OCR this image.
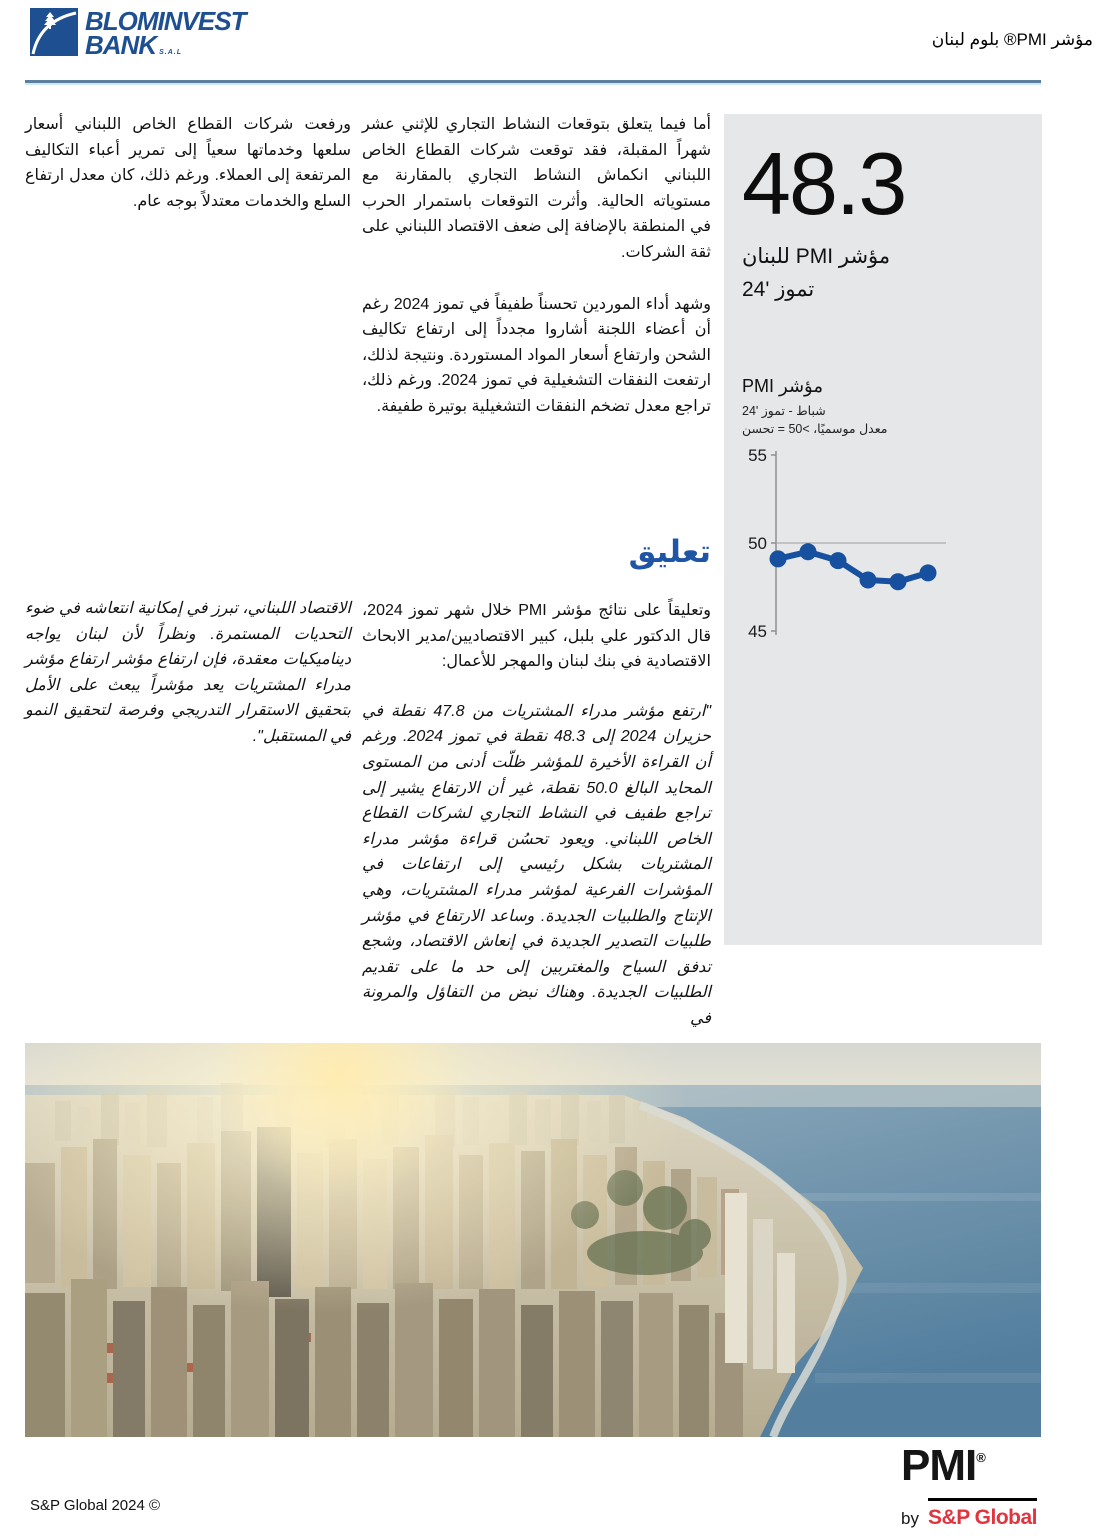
BLOMINVEST
BANK S.A.L
مؤشر PMI® بلوم لبنان

ورفعت شركات القطاع الخاص اللبناني أسعار سلعها وخدماتها سعياً إلى تمرير أعباء التكاليف المرتفعة إلى العملاء. ورغم ذلك، كان معدل ارتفاع السلع والخدمات معتدلاً بوجه عام.

أما فيما يتعلق بتوقعات النشاط التجاري للإثني عشر شهراً المقبلة، فقد توقعت شركات القطاع الخاص اللبناني انكماش النشاط التجاري بالمقارنة مع مستوياته الحالية. وأثرت التوقعات باستمرار الحرب في المنطقة بالإضافة إلى ضعف الاقتصاد اللبناني على ثقة الشركات.

وشهد أداء الموردين تحسناً طفيفاً في تموز 2024 رغم أن أعضاء اللجنة أشاروا مجدداً إلى ارتفاع تكاليف الشحن وارتفاع أسعار المواد المستوردة. ونتيجة لذلك، ارتفعت النفقات التشغيلية في تموز 2024. ورغم ذلك، تراجع معدل تضخم النفقات التشغيلية بوتيرة طفيفة.

48.3
مؤشر PMI للبنان
تموز '24
مؤشر PMI
شباط - تموز '24
معدل موسميًا، >50 = تحسن
45
50
55
تعليق

وتعليقاً على نتائج مؤشر PMI خلال شهر تموز 2024، قال الدكتور علي بلبل، كبير الاقتصاديين/مدير الابحاث الاقتصادية في بنك لبنان والمهجر للأعمال:

"ارتفع مؤشر مدراء المشتريات من 47.8 نقطة في حزيران 2024 إلى 48.3 نقطة في تموز 2024. ورغم أن القراءة الأخيرة للمؤشر ظلّت أدنى من المستوى المحايد البالغ 50.0 نقطة، غير أن الارتفاع يشير إلى تراجع طفيف في النشاط التجاري لشركات القطاع الخاص اللبناني. ويعود تحسُن قراءة مؤشر مدراء المشتريات بشكل رئيسي إلى ارتفاعات في المؤشرات الفرعية لمؤشر مدراء المشتريات، وهي الإنتاج والطلبيات الجديدة. وساعد الارتفاع في مؤشر طلبيات التصدير الجديدة في إنعاش الاقتصاد، وشجع تدفق السياح والمغتربين إلى حد ما على تقديم الطلبيات الجديدة. وهناك نبض من التفاؤل والمرونة في

الاقتصاد اللبناني، تبرز في إمكانية انتعاشه في ضوء التحديات المستمرة. ونظراً لأن لبنان يواجه ديناميكيات معقدة، فإن ارتفاع مؤشر ارتفاع مؤشر مدراء المشتريات يعد مؤشراً يبعث على الأمل بتحقيق الاستقرار التدريجي وفرصة لتحقيق النمو في المستقبل".

S&P Global 2024 ©
PMI®
by S&P Global
